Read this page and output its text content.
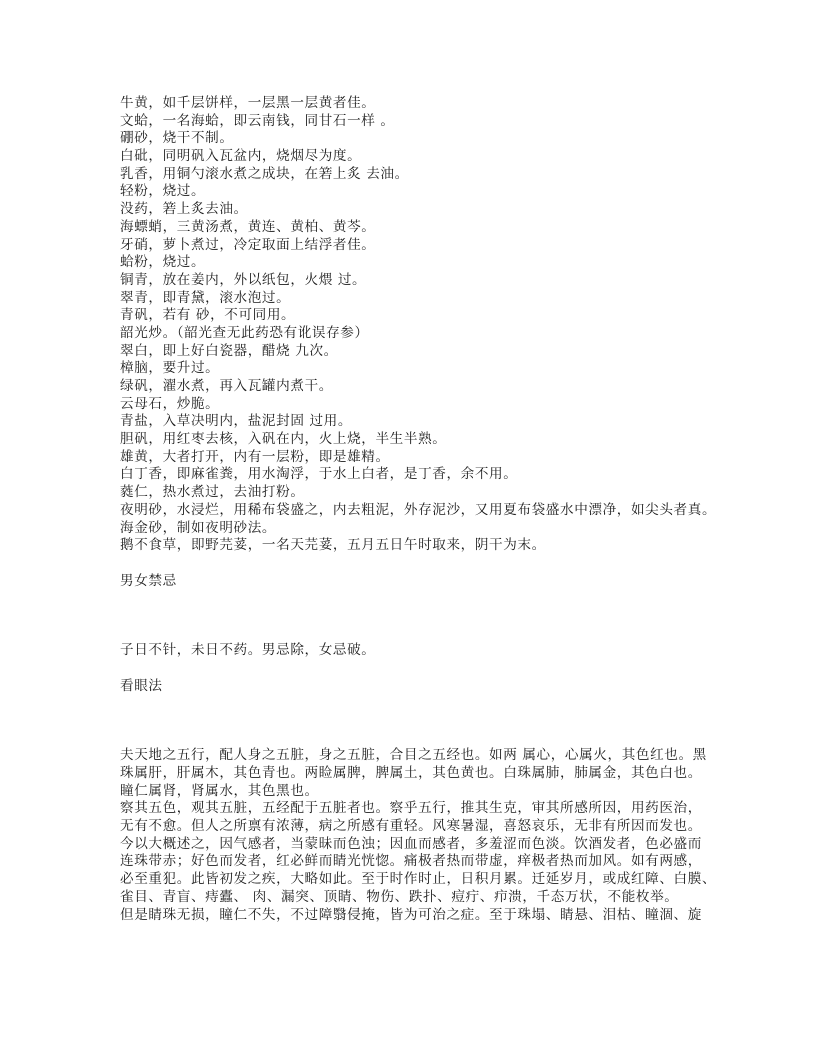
牛黄，如千层饼样，一层黑一层黄者佳。
文蛤，一名海蛤，即云南钱，同甘石一样 。
硼砂，烧干不制。
白砒，同明矾入瓦盆内，烧烟尽为度。
乳香，用铜勺滚水煮之成块，在箬上炙 去油。
轻粉，烧过。
没药，箬上炙去油。
海螵蛸，三黄汤煮，黄连、黄柏、黄芩。
牙硝，萝卜煮过，冷定取面上结浮者佳。
蛤粉，烧过。
铜青，放在姜内，外以纸包，火煨 过。
翠青，即青黛，滚水泡过。
青矾，若有 砂，不可同用。
韶光炒。（韶光查无此药恐有讹误存参）
翠白，即上好白瓷器，醋烧 九次。
樟脑，要升过。
绿矾，濯水煮，再入瓦罐内煮干。
云母石，炒脆。
青盐，入草决明内，盐泥封固 过用。
胆矾，用红枣去核，入矾在内，火上烧，半生半熟。
雄黄，大者打开，内有一层粉，即是雄精。
白丁香，即麻雀粪，用水淘浮，于水上白者，是丁香，余不用。
蕤仁，热水煮过，去油打粉。
夜明砂，水浸烂，用稀布袋盛之，内去粗泥，外存泥沙，又用夏布袋盛水中漂净，如尖头者真。
海金砂，制如夜明砂法。
鹅不食草，即野芫荽，一名天芫荽，五月五日午时取来，阴干为末。
男女禁忌
子日不针，未日不药。男忌除，女忌破。
看眼法
夫天地之五行，配人身之五脏，身之五脏，合目之五经也。如两 属心，心属火，其色红也。黑
珠属肝，肝属木，其色青也。两睑属脾，脾属土，其色黄也。白珠属肺，肺属金，其色白也。
瞳仁属肾，肾属水，其色黑也。
察其五色，观其五脏，五经配于五脏者也。察乎五行，推其生克，审其所感所因，用药医治，
无有不愈。但人之所禀有浓薄，病之所感有重轻。风寒暑湿，喜怒哀乐，无非有所因而发也。
今以大概述之，因气感者，当蒙昧而色浊；因血而感者，多羞涩而色淡。饮酒发者，色必盛而
连珠带赤；好色而发者，红必鲜而睛光恍惚。痛极者热而带虚，痒极者热而加风。如有两感，
必至重犯。此皆初发之疾，大略如此。至于时作时止，日积月累。迁延岁月，或成红障、白膜、
雀目、青盲、痔蠹、 肉、漏突、顶睛、物伤、跌扑、痘疔、疖溃，千态万状，不能枚举。
但是睛珠无损，瞳仁不失，不过障翳侵掩，皆为可治之症。至于珠塌、睛悬、泪枯、瞳涸、旋
